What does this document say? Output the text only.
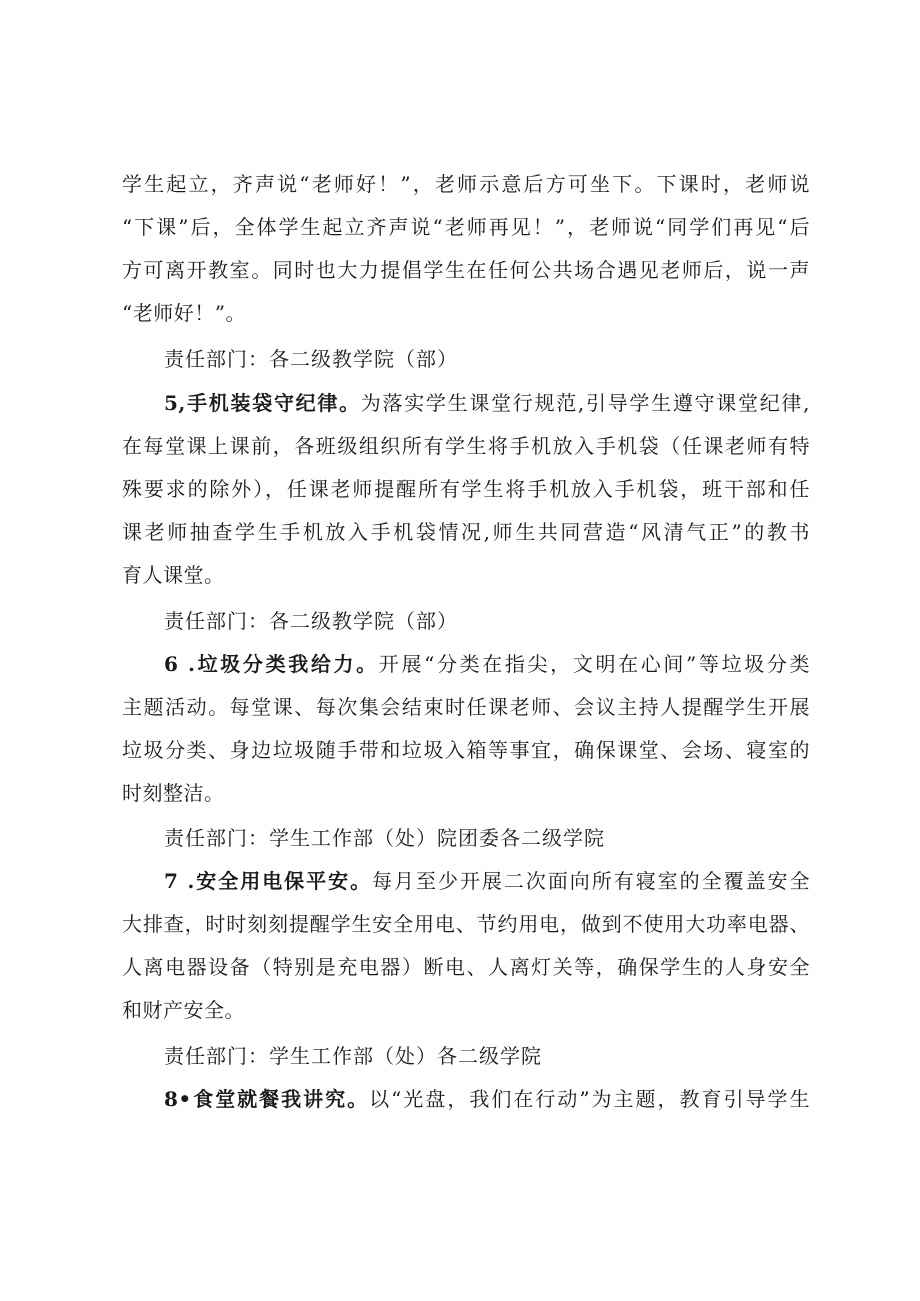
学生起立，齐声说“老师好！”，老师示意后方可坐下。下课时，老师说
“下课”后，全体学生起立齐声说“老师再见！”，老师说“同学们再见“后
方可离开教室。同时也大力提倡学生在任何公共场合遇见老师后，说一声
“老师好！”。
责任部门：各二级教学院（部）
5,手机装袋守纪律。为落实学生课堂行规范,引导学生遵守课堂纪律,
在每堂课上课前，各班级组织所有学生将手机放入手机袋（任课老师有特
殊要求的除外），任课老师提醒所有学生将手机放入手机袋，班干部和任
课老师抽查学生手机放入手机袋情况,师生共同营造“风清气正”的教书
育人课堂。
责任部门：各二级教学院（部）
6 .垃圾分类我给力。开展“分类在指尖，文明在心间”等垃圾分类
主题活动。每堂课、每次集会结束时任课老师、会议主持人提醒学生开展
垃圾分类、身边垃圾随手带和垃圾入箱等事宜，确保课堂、会场、寝室的
时刻整洁。
责任部门：学生工作部（处）院团委各二级学院
7 .安全用电保平安。每月至少开展二次面向所有寝室的全覆盖安全
大排查，时时刻刻提醒学生安全用电、节约用电，做到不使用大功率电器、
人离电器设备（特别是充电器）断电、人离灯关等，确保学生的人身安全
和财产安全。
责任部门：学生工作部（处）各二级学院
8•食堂就餐我讲究。以“光盘，我们在行动”为主题，教育引导学生
